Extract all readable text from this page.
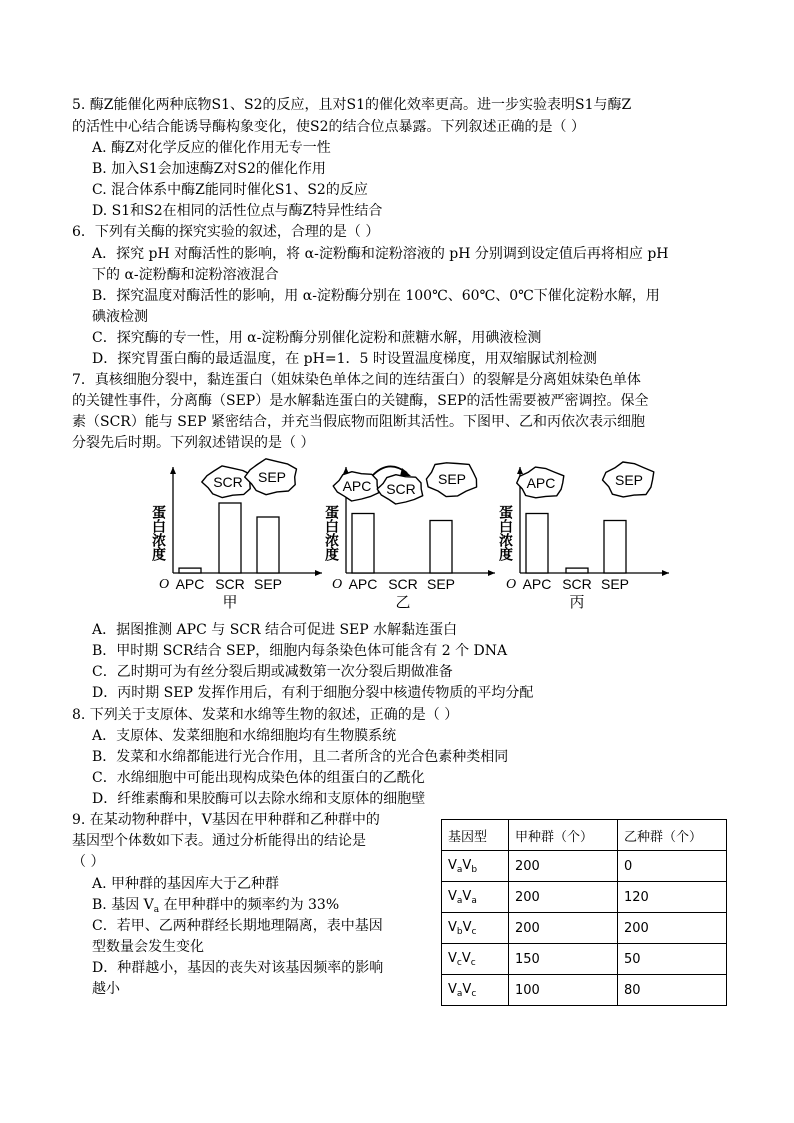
5. 酶Z能催化两种底物S1、S2的反应，且对S1的催化效率更高。进一步实验表明S1与酶Z
的活性中心结合能诱导酶构象变化，使S2的结合位点暴露。下列叙述正确的是（ ）
A. 酶Z对化学反应的催化作用无专一性
B. 加入S1会加速酶Z对S2的催化作用
C. 混合体系中酶Z能同时催化S1、S2的反应
D. S1和S2在相同的活性位点与酶Z特异性结合
6．下列有关酶的探究实验的叙述，合理的是（ ）
A．探究 pH 对酶活性的影响，将 α-淀粉酶和淀粉溶液的 pH 分别调到设定值后再将相应 pH
下的 α-淀粉酶和淀粉溶液混合
B．探究温度对酶活性的影响，用 α-淀粉酶分别在 100℃、60℃、0℃下催化淀粉水解，用
碘液检测
C．探究酶的专一性，用 α-淀粉酶分别催化淀粉和蔗糖水解，用碘液检测
D．探究胃蛋白酶的最适温度，在 pH=1．5 时设置温度梯度，用双缩脲试剂检测
7．真核细胞分裂中，黏连蛋白（姐妹染色单体之间的连结蛋白）的裂解是分离姐妹染色单体
的关键性事件，分离酶（SEP）是水解黏连蛋白的关键酶，SEP的活性需要被严密调控。保全
素（SCR）能与 SEP 紧密结合，并充当假底物而阻断其活性。下图甲、乙和丙依次表示细胞
分裂先后时期。下列叙述错误的是（ ）
O
蛋白浓度
APC SCR SEP
甲
SCR SEP
O
蛋白浓度
APC SCR SEP
乙
APC SCR
SEP
O
蛋白浓度
APC SCR SEP
丙
APC	SEP
A．据图推测 APC 与 SCR 结合可促进 SEP 水解黏连蛋白
B．甲时期 SCR结合 SEP，细胞内每条染色体可能含有 2 个 DNA
C．乙时期可为有丝分裂后期或减数第一次分裂后期做准备
D．丙时期 SEP 发挥作用后，有利于细胞分裂中核遗传物质的平均分配
8. 下列关于支原体、发菜和水绵等生物的叙述，正确的是（ ）
A．支原体、发菜细胞和水绵细胞均有生物膜系统
B．发菜和水绵都能进行光合作用，且二者所含的光合色素种类相同
C．水绵细胞中可能出现构成染色体的组蛋白的乙酰化
D．纤维素酶和果胶酶可以去除水绵和支原体的细胞壁
9. 在某动物种群中，V基因在甲种群和乙种群中的
基因型个体数如下表。通过分析能得出的结论是
（ ）
A. 甲种群的基因库大于乙种群
B. 基因 $V_a$ 在甲种群中的频率约为 33%
C．若甲、乙两种群经长期地理隔离，表中基因
型数量会发生变化
D．种群越小，基因的丧失对该基因频率的影响
越小
基因型	甲种群（个）	乙种群（个）
$V_aV_b$	200	0
$V_aV_a$	200	120
$V_bV_c$	200	200
$V_cV_c$	150	50
$V_aV_c$	100	80
